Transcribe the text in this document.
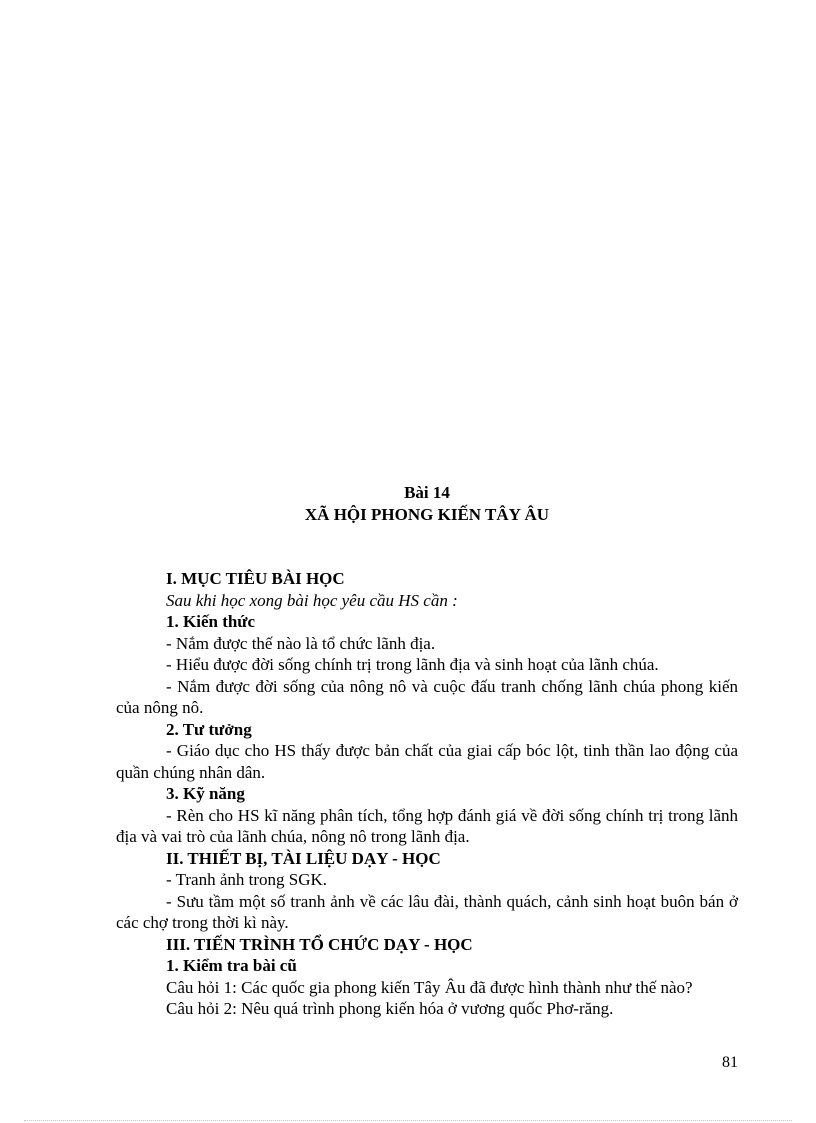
Bài 14
XÃ HỘI PHONG KIẾN TÂY ÂU

I. MỤC TIÊU BÀI HỌC

Sau khi học xong bài học yêu cầu HS cần :

1. Kiến thức

- Nắm được thế nào là tổ chức lãnh địa.

- Hiểu được đời sống chính trị trong lãnh địa và sinh hoạt của lãnh chúa.

- Nắm được đời sống của nông nô và cuộc đấu tranh chống lãnh chúa phong kiến của nông nô.

2. Tư tưởng

- Giáo dục cho HS thấy được bản chất của giai cấp bóc lột, tinh thần lao động của quần chúng nhân dân.

3. Kỹ năng

- Rèn cho HS kĩ năng phân tích, tổng hợp đánh giá về đời sống chính trị trong lãnh địa và vai trò của lãnh chúa, nông nô trong lãnh địa.

II. THIẾT BỊ, TÀI LIỆU DẠY - HỌC

- Tranh ảnh trong SGK.

- Sưu tầm một số tranh ảnh về các lâu đài, thành quách, cảnh sinh hoạt buôn bán ở các chợ trong thời kì này.

III. TIẾN TRÌNH TỔ CHỨC DẠY - HỌC

1. Kiểm tra bài cũ

Câu hỏi 1: Các quốc gia phong kiến Tây Âu đã được hình thành như thế nào?

Câu hỏi 2: Nêu quá trình phong kiến hóa ở vương quốc Phơ-răng.

81
